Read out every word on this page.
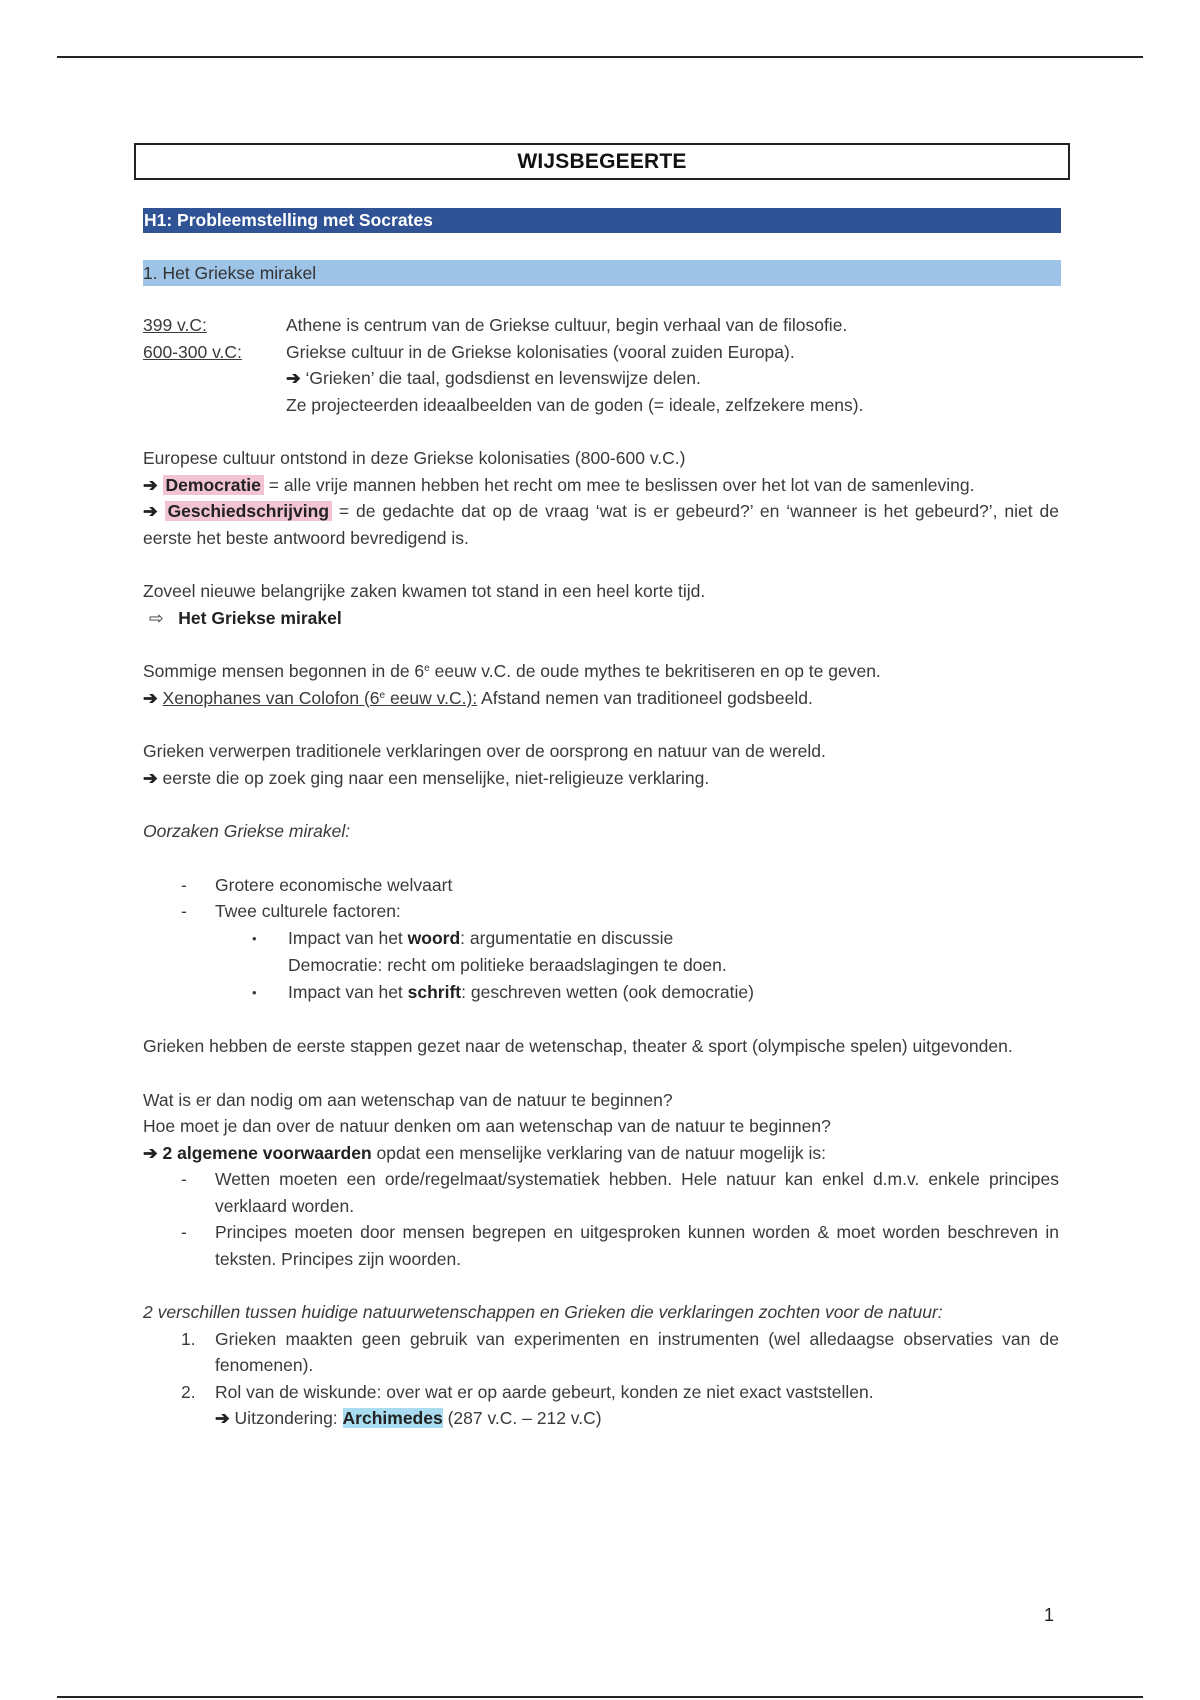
WIJSBEGEERTE
H1: Probleemstelling met Socrates
1. Het Griekse mirakel
399 v.C:	Athene is centrum van de Griekse cultuur, begin verhaal van de filosofie.
600-300 v.C:	Griekse cultuur in de Griekse kolonisaties (vooral zuiden Europa).
➔ ‘Grieken’ die taal, godsdienst en levenswijze delen.
Ze projecteerden ideaalbeelden van de goden (= ideale, zelfzekere mens).
Europese cultuur ontstond in deze Griekse kolonisaties (800-600 v.C.)
➔ Democratie = alle vrije mannen hebben het recht om mee te beslissen over het lot van de samenleving.
➔ Geschiedschrijving = de gedachte dat op de vraag ‘wat is er gebeurd?’ en ‘wanneer is het gebeurd?’, niet de eerste het beste antwoord bevredigend is.
Zoveel nieuwe belangrijke zaken kwamen tot stand in een heel korte tijd.
⇨ Het Griekse mirakel
Sommige mensen begonnen in de 6e eeuw v.C. de oude mythes te bekritiseren en op te geven.
➔ Xenophanes van Colofon (6e eeuw v.C.): Afstand nemen van traditioneel godsbeeld.
Grieken verwerpen traditionele verklaringen over de oorsprong en natuur van de wereld.
➔ eerste die op zoek ging naar een menselijke, niet-religieuze verklaring.
Oorzaken Griekse mirakel:
-	Grotere economische welvaart
-	Twee culturele factoren:
•	Impact van het woord: argumentatie en discussie
Democratie: recht om politieke beraadslagingen te doen.
•	Impact van het schrift: geschreven wetten (ook democratie)
Grieken hebben de eerste stappen gezet naar de wetenschap, theater & sport (olympische spelen) uitgevonden.
Wat is er dan nodig om aan wetenschap van de natuur te beginnen?
Hoe moet je dan over de natuur denken om aan wetenschap van de natuur te beginnen?
➔ 2 algemene voorwaarden opdat een menselijke verklaring van de natuur mogelijk is:
-	Wetten moeten een orde/regelmaat/systematiek hebben. Hele natuur kan enkel d.m.v. enkele principes verklaard worden.
-	Principes moeten door mensen begrepen en uitgesproken kunnen worden & moet worden beschreven in teksten. Principes zijn woorden.
2 verschillen tussen huidige natuurwetenschappen en Grieken die verklaringen zochten voor de natuur:
1.	Grieken maakten geen gebruik van experimenten en instrumenten (wel alledaagse observaties van de fenomenen).
2.	Rol van de wiskunde: over wat er op aarde gebeurt, konden ze niet exact vaststellen.
➔ Uitzondering: Archimedes (287 v.C. – 212 v.C)
1
